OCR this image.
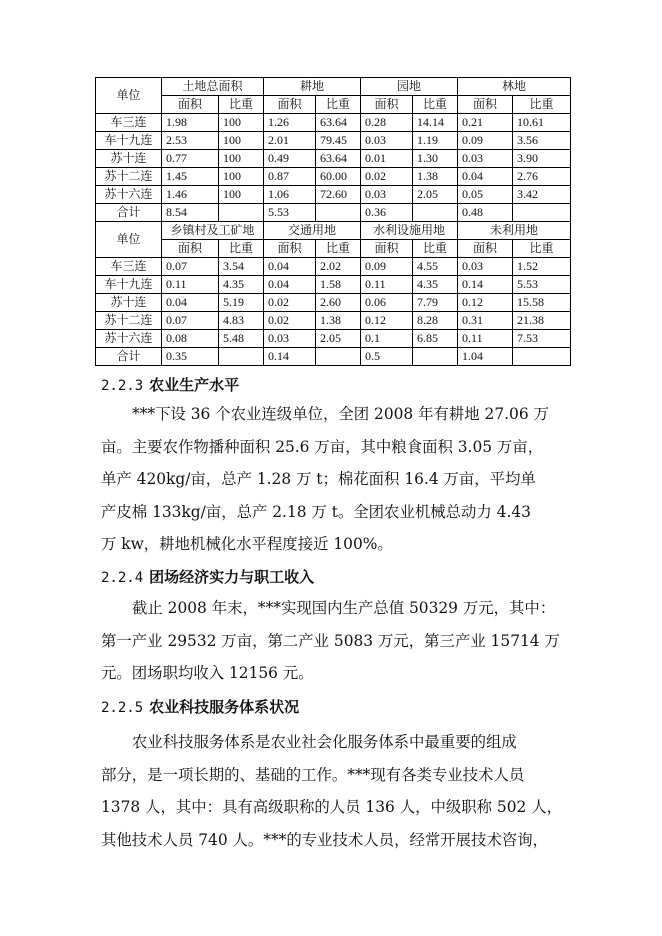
单位	土地总面积		耕地		园地		林地	
	面积	比重	面积	比重	面积	比重	面积	比重
车三连	1.98	100	1.26	63.64	0.28	14.14	0.21	10.61
车十九连	2.53	100	2.01	79.45	0.03	1.19	0.09	3.56
苏十连	0.77	100	0.49	63.64	0.01	1.30	0.03	3.90
苏十二连	1.45	100	0.87	60.00	0.02	1.38	0.04	2.76
苏十六连	1.46	100	1.06	72.60	0.03	2.05	0.05	3.42
合计	8.54		5.53		0.36		0.48	
单位	乡镇村及工矿地		交通用地		水利设施用地		未利用地	
	面积	比重	面积	比重	面积	比重	面积	比重
车三连	0.07	3.54	0.04	2.02	0.09	4.55	0.03	1.52
车十九连	0.11	4.35	0.04	1.58	0.11	4.35	0.14	5.53
苏十连	0.04	5.19	0.02	2.60	0.06	7.79	0.12	15.58
苏十二连	0.07	4.83	0.02	1.38	0.12	8.28	0.31	21.38
苏十六连	0.08	5.48	0.03	2.05	0.1	6.85	0.11	7.53
合计	0.35		0.14		0.5		1.04	
2.2.3 农业生产水平
***下设 36 个农业连级单位，全团 2008 年有耕地 27.06 万
亩。主要农作物播种面积 25.6 万亩，其中粮食面积 3.05 万亩，
单产 420kg/亩，总产 1.28 万 t；棉花面积 16.4 万亩，平均单
产皮棉 133kg/亩，总产 2.18 万 t。全团农业机械总动力 4.43
万 kw，耕地机械化水平程度接近 100%。
2.2.4 团场经济实力与职工收入
截止 2008 年末，***实现国内生产总值 50329 万元，其中：
第一产业 29532 万亩，第二产业 5083 万元，第三产业 15714 万
元。团场职均收入 12156 元。
2.2.5 农业科技服务体系状况
农业科技服务体系是农业社会化服务体系中最重要的组成
部分，是一项长期的、基础的工作。***现有各类专业技术人员
1378 人，其中：具有高级职称的人员 136 人，中级职称 502 人，
其他技术人员 740 人。***的专业技术人员，经常开展技术咨询，
